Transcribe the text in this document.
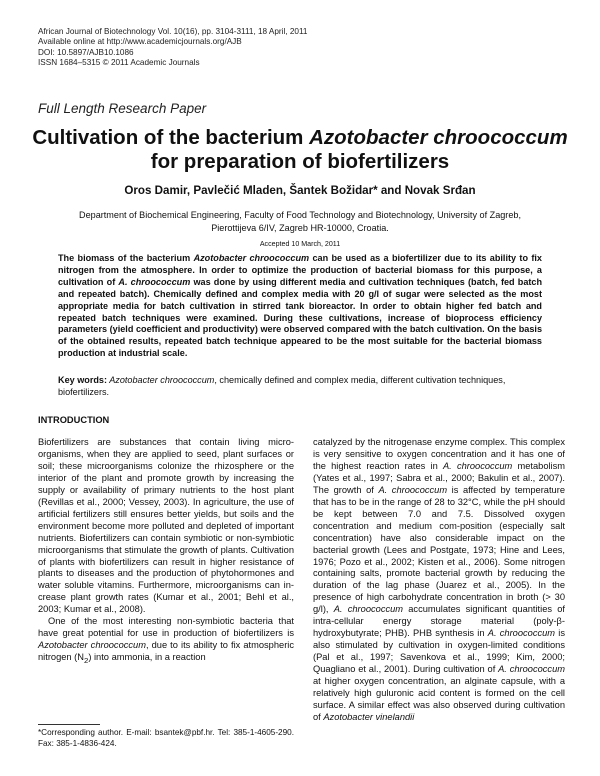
African Journal of Biotechnology Vol. 10(16), pp. 3104-3111, 18 April, 2011
Available online at http://www.academicjournals.org/AJB
DOI: 10.5897/AJB10.1086
ISSN 1684–5315 © 2011 Academic Journals
Full Length Research Paper
Cultivation of the bacterium Azotobacter chroococcum
for preparation of biofertilizers
Oros Damir, Pavlečić Mladen, Šantek Božidar* and Novak Srđan
Department of Biochemical Engineering, Faculty of Food Technology and Biotechnology, University of Zagreb,
Pierottijeva 6/IV, Zagreb HR-10000, Croatia.
Accepted 10 March, 2011
The biomass of the bacterium Azotobacter chroococcum can be used as a biofertilizer due to its ability to fix nitrogen from the atmosphere. In order to optimize the production of bacterial biomass for this purpose, a cultivation of A. chroococcum was done by using different media and cultivation techniques (batch, fed batch and repeated batch). Chemically defined and complex media with 20 g/l of sugar were selected as the most appropriate media for batch cultivation in stirred tank bioreactor. In order to obtain higher fed batch and repeated batch techniques were examined. During these cultivations, increase of bioprocess efficiency parameters (yield coefficient and productivity) were observed compared with the batch cultivation. On the basis of the obtained results, repeated batch technique appeared to be the most suitable for the bacterial biomass production at industrial scale.
Key words: Azotobacter chroococcum, chemically defined and complex media, different cultivation techniques, biofertilizers.
INTRODUCTION

Biofertilizers are substances that contain living micro-organisms, when they are applied to seed, plant surfaces or soil; these microorganisms colonize the rhizosphere or the interior of the plant and promote growth by increasing the supply or availability of primary nutrients to the host plant (Revillas et al., 2000; Vessey, 2003). In agriculture, the use of artificial fertilizers still ensures better yields, but soils and the environment become more polluted and depleted of important nutrients. Biofertilizers can contain symbiotic or non-symbiotic microorganisms that stimulate the growth of plants. Cultivation of plants with biofertilizers can result in higher resistance of plants to diseases and the production of phytohormones and water soluble vitamins. Furthermore, microorganisms can in-crease plant growth rates (Kumar et al., 2001; Behl et al., 2003; Kumar et al., 2008).

One of the most interesting non-symbiotic bacteria that have great potential for use in production of biofertilizers is Azotobacter chroococcum, due to its ability to fix atmospheric nitrogen $(N_2)$ into ammonia, in a reaction

catalyzed by the nitrogenase enzyme complex. This complex is very sensitive to oxygen concentration and it has one of the highest reaction rates in A. chroococcum metabolism (Yates et al., 1997; Sabra et al., 2000; Bakulin et al., 2007). The growth of A. chroococcum is affected by temperature that has to be in the range of 28 to 32°C, while the pH should be kept between 7.0 and 7.5. Dissolved oxygen concentration and medium com-position (especially salt concentration) have also considerable impact on the bacterial growth (Lees and Postgate, 1973; Hine and Lees, 1976; Pozo et al., 2002; Kisten et al., 2006). Some nitrogen containing salts, promote bacterial growth by reducing the duration of the lag phase (Juarez et al., 2005). In the presence of high carbohydrate concentration in broth (> 30 g/l), A. chroococcum accumulates significant quantities of intra-cellular energy storage material (poly-β-hydroxybutyrate; PHB). PHB synthesis in A. chroococcum is also stimulated by cultivation in oxygen-limited conditions (Pal et al., 1997; Savenkova et al., 1999; Kim, 2000; Quagliano et al., 2001). During cultivation of A. chroococcum at higher oxygen concentration, an alginate capsule, with a relatively high guluronic acid content is formed on the cell surface. A similar effect was also observed during cultivation of Azotobacter vinelandii

*Corresponding author. E-mail: bsantek@pbf.hr. Tel: 385-1-4605-290. Fax: 385-1-4836-424.
